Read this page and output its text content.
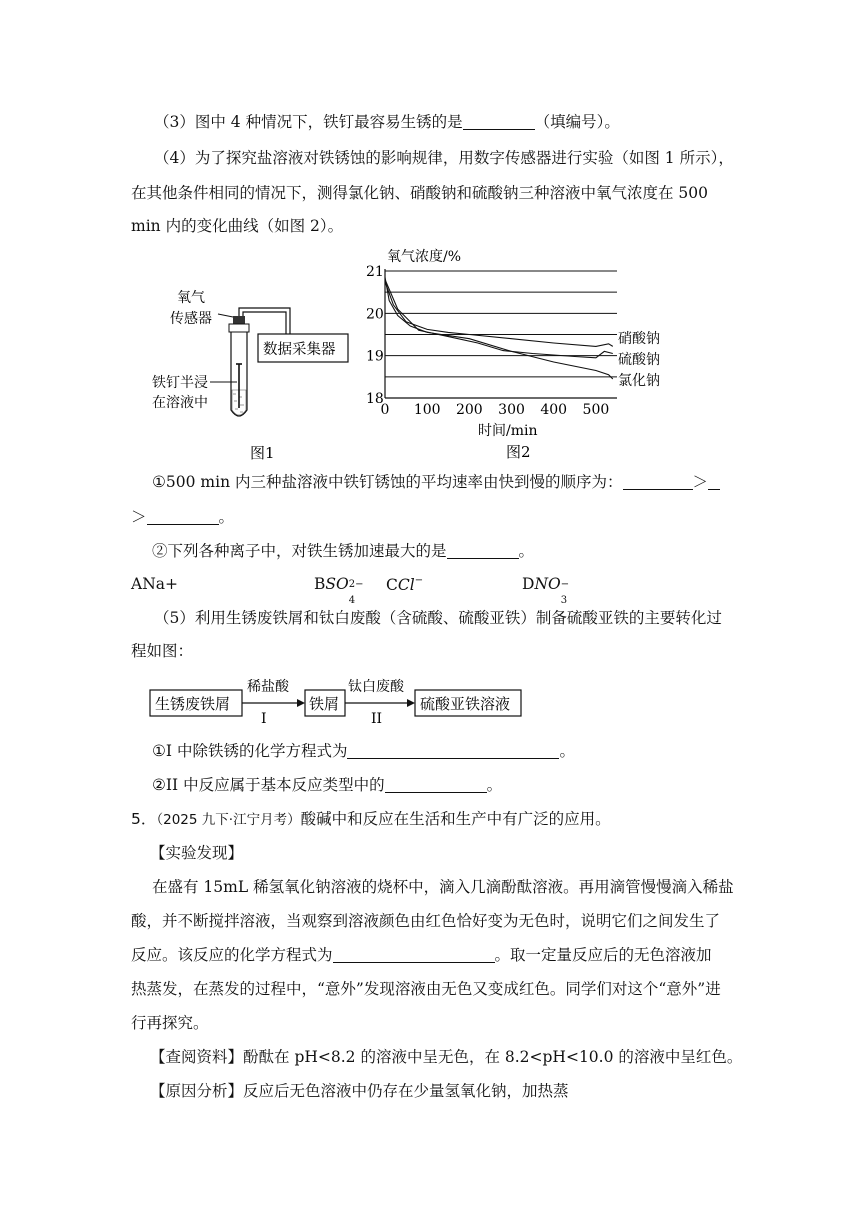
（3）图中 4 种情况下，铁钉最容易生锈的是	（填编号）。
（4）为了探究盐溶液对铁锈蚀的影响规律，用数字传感器进行实验（如图 1 所示），
在其他条件相同的情况下，测得氯化钠、硝酸钠和硫酸钠三种溶液中氧气浓度在 500
min 内的变化曲线（如图 2）。
氧气
传感器
数据采集器
铁钉半浸
在溶液中
图1
氧气浓度/%
18
19
20
21
0 100 200 300 400 500
硝酸钠
硫酸钠
氯化钠
时间/min
图2
①500 min 内三种盐溶液中铁钉锈蚀的平均速率由快到慢的顺序为：	＞
＞	。
②下列各种离子中，对铁生锈加速最大的是	。
ANa+	BSO 2−
4
CCl−	DNO −
3
（5）利用生锈废铁屑和钛白废酸（含硫酸、硫酸亚铁）制备硫酸亚铁的主要转化过
程如图：
生锈废铁屑
稀盐酸
I
铁屑
钛白废酸
II
硫酸亚铁溶液
①I 中除铁锈的化学方程式为	。
②II 中反应属于基本反应类型中的	。
5．（2025 九下·江宁月考）酸碱中和反应在生活和生产中有广泛的应用。
【实验发现】
在盛有 15mL 稀氢氧化钠溶液的烧杯中，滴入几滴酚酞溶液。再用滴管慢慢滴入稀盐
酸，并不断搅拌溶液，当观察到溶液颜色由红色恰好变为无色时，说明它们之间发生了
反应。该反应的化学方程式为	。取一定量反应后的无色溶液加
热蒸发，在蒸发的过程中，“意外”发现溶液由无色又变成红色。同学们对这个“意外”进
行再探究。
【查阅资料】酚酞在 pH<8.2 的溶液中呈无色，在 8.2<pH<10.0 的溶液中呈红色。
【原因分析】反应后无色溶液中仍存在少量氢氧化钠，加热蒸
